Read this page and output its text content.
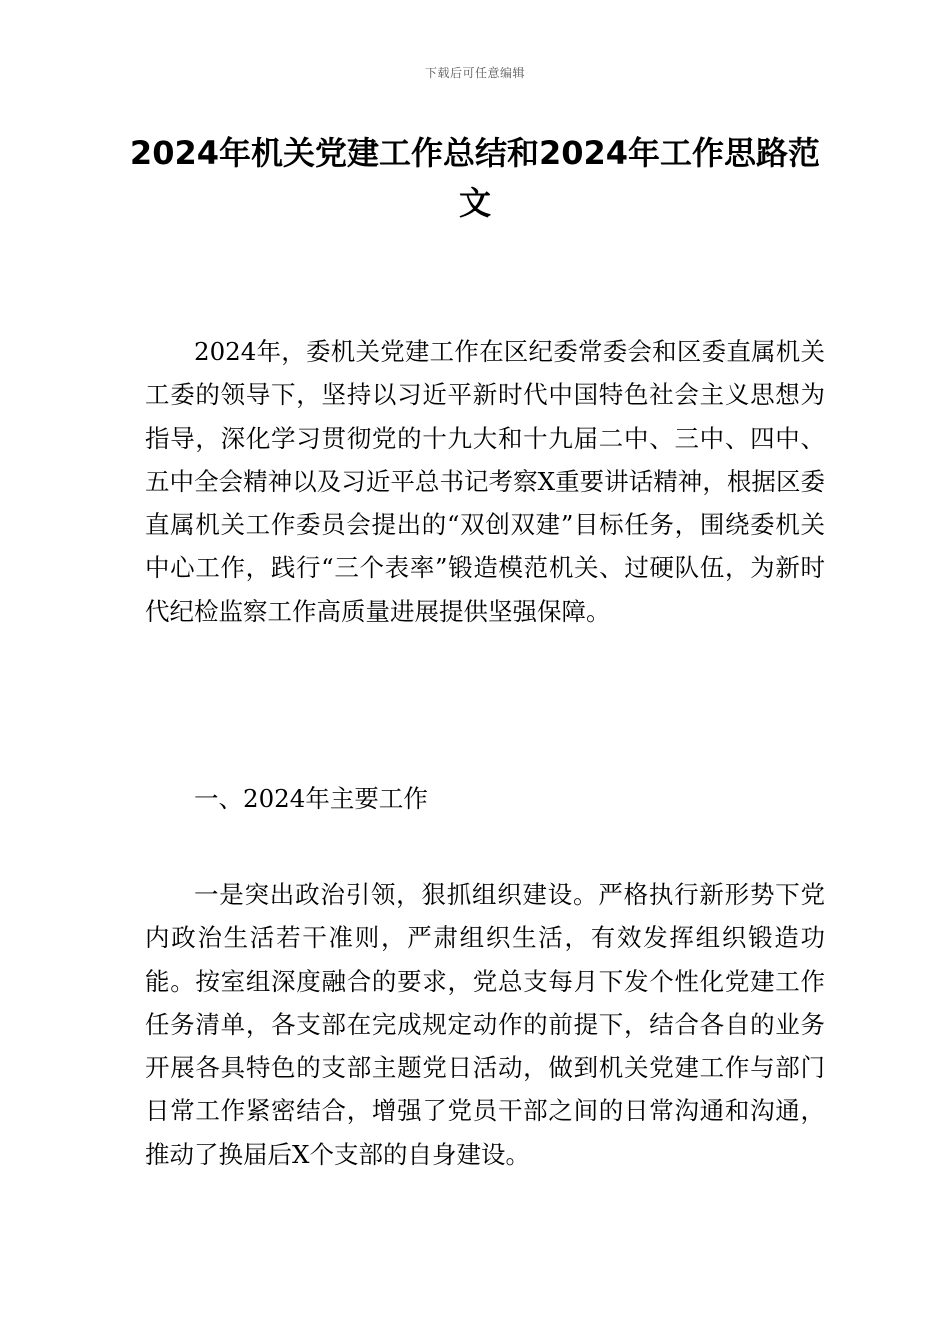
下载后可任意编辑
2024年机关党建工作总结和2024年工作思路范文

2024年，委机关党建工作在区纪委常委会和区委直属机关工委的领导下，坚持以习近平新时代中国特色社会主义思想为指导，深化学习贯彻党的十九大和十九届二中、三中、四中、五中全会精神以及习近平总书记考察X重要讲话精神，根据区委直属机关工作委员会提出的“双创双建”目标任务，围绕委机关中心工作，践行“三个表率”锻造模范机关、过硬队伍，为新时代纪检监察工作高质量进展提供坚强保障。

一、2024年主要工作

一是突出政治引领，狠抓组织建设。严格执行新形势下党内政治生活若干准则，严肃组织生活，有效发挥组织锻造功能。按室组深度融合的要求，党总支每月下发个性化党建工作任务清单，各支部在完成规定动作的前提下，结合各自的业务开展各具特色的支部主题党日活动，做到机关党建工作与部门日常工作紧密结合，增强了党员干部之间的日常沟通和沟通，推动了换届后X个支部的自身建设。
